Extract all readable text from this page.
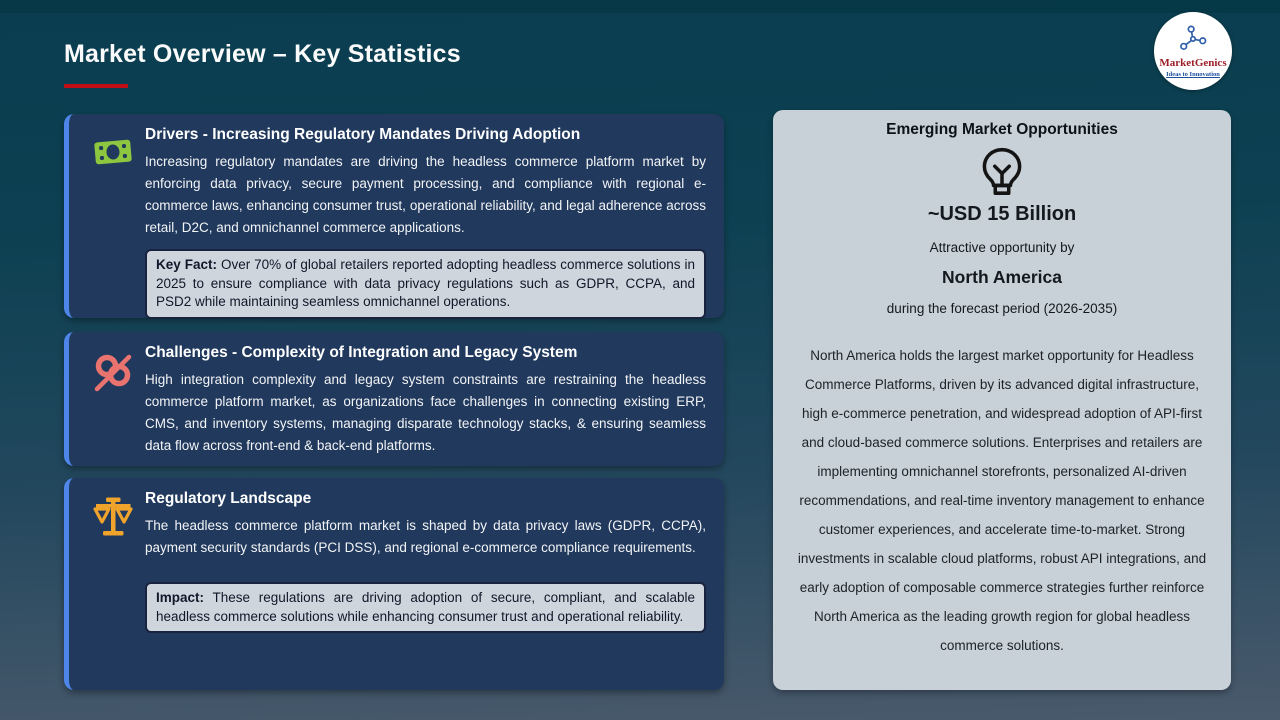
Market Overview – Key Statistics	MarketGenics
Ideas to Innovation
Drivers - Increasing Regulatory Mandates Driving Adoption

Increasing regulatory mandates are driving the headless commerce platform market by enforcing data privacy, secure payment processing, and compliance with regional e-commerce laws, enhancing consumer trust, operational reliability, and legal adherence across retail, D2C, and omnichannel commerce applications.

Key Fact: Over 70% of global retailers reported adopting headless commerce solutions in 2025 to ensure compliance with data privacy regulations such as GDPR, CCPA, and PSD2 while maintaining seamless omnichannel operations.
Challenges - Complexity of Integration and Legacy System

High integration complexity and legacy system constraints are restraining the headless commerce platform market, as organizations face challenges in connecting existing ERP, CMS, and inventory systems, managing disparate technology stacks, & ensuring seamless data flow across front-end & back-end platforms.

Regulatory Landscape

The headless commerce platform market is shaped by data privacy laws (GDPR, CCPA), payment security standards (PCI DSS), and regional e-commerce compliance requirements.

Impact: These regulations are driving adoption of secure, compliant, and scalable headless commerce solutions while enhancing consumer trust and operational reliability.
Emerging Market Opportunities
~USD 15 Billion
Attractive opportunity by
North America
during the forecast period (2026-2035)

North America holds the largest market opportunity for Headless Commerce Platforms, driven by its advanced digital infrastructure, high e-commerce penetration, and widespread adoption of API-first and cloud-based commerce solutions. Enterprises and retailers are implementing omnichannel storefronts, personalized AI-driven recommendations, and real-time inventory management to enhance customer experiences, and accelerate time-to-market. Strong investments in scalable cloud platforms, robust API integrations, and early adoption of composable commerce strategies further reinforce North America as the leading growth region for global headless commerce solutions.
